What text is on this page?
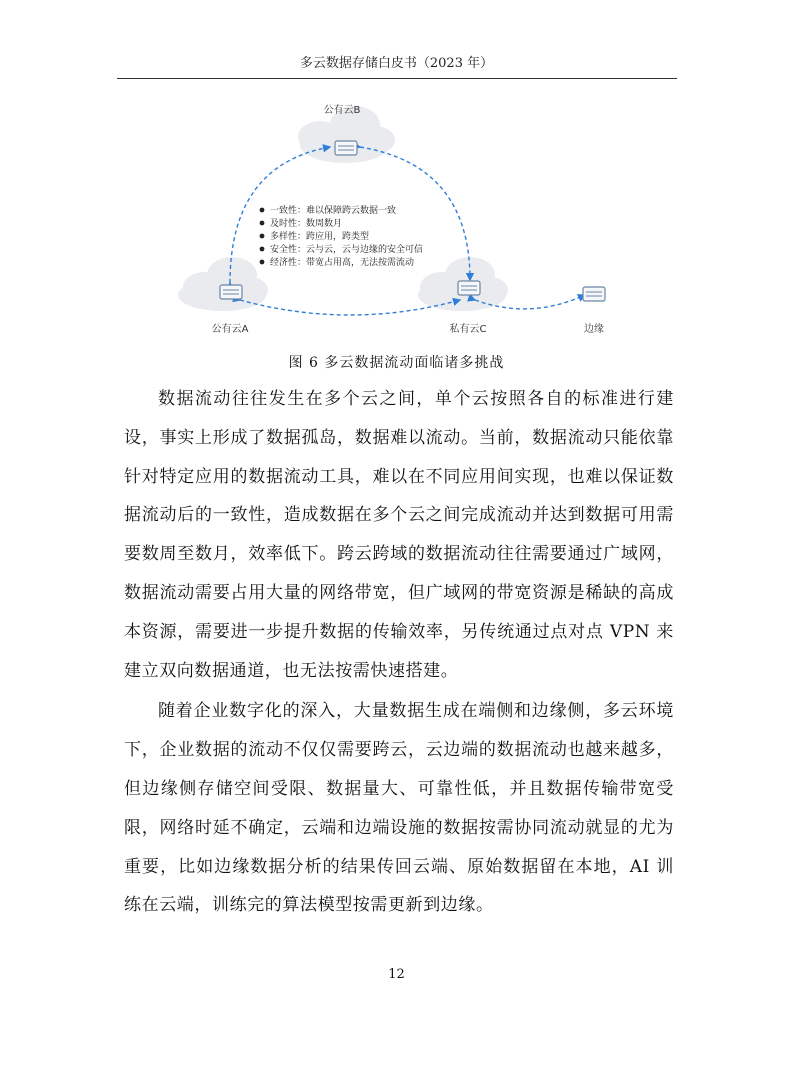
多云数据存储白皮书（2023 年）
公有云B
公有云A	私有云C	边缘
一致性：难以保障跨云数据一致
及时性：数周数月
多样性：跨应用，跨类型
安全性：云与云，云与边缘的安全可信
经济性：带宽占用高，无法按需流动
图 6 多云数据流动面临诸多挑战

数据流动往往发生在多个云之间，单个云按照各自的标准进行建设，事实上形成了数据孤岛，数据难以流动。当前，数据流动只能依靠针对特定应用的数据流动工具，难以在不同应用间实现，也难以保证数据流动后的一致性，造成数据在多个云之间完成流动并达到数据可用需要数周至数月，效率低下。跨云跨域的数据流动往往需要通过广域网，数据流动需要占用大量的网络带宽，但广域网的带宽资源是稀缺的高成本资源，需要进一步提升数据的传输效率，另传统通过点对点 VPN 来建立双向数据通道，也无法按需快速搭建。

随着企业数字化的深入，大量数据生成在端侧和边缘侧，多云环境下，企业数据的流动不仅仅需要跨云，云边端的数据流动也越来越多，但边缘侧存储空间受限、数据量大、可靠性低，并且数据传输带宽受限，网络时延不确定，云端和边端设施的数据按需协同流动就显的尤为重要，比如边缘数据分析的结果传回云端、原始数据留在本地，AI 训练在云端，训练完的算法模型按需更新到边缘。

12
